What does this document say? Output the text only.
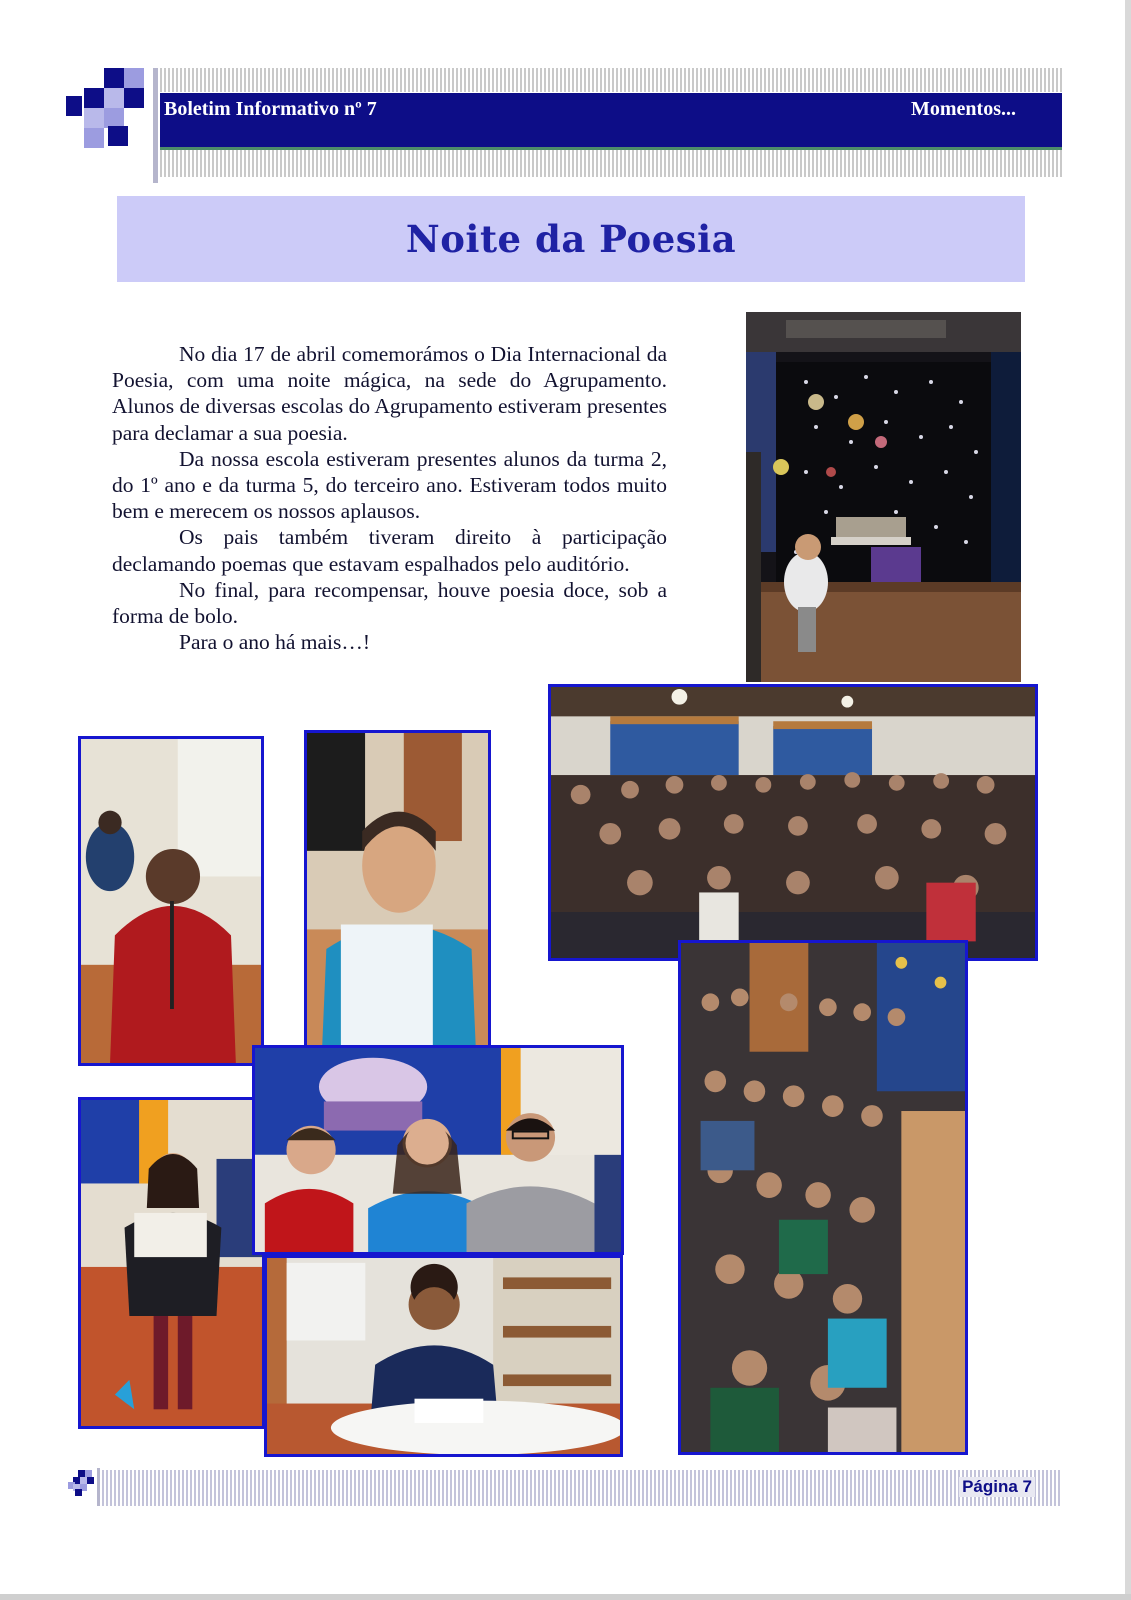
Boletim Informativo nº 7	Momentos...
Noite da Poesia

No dia 17 de abril comemorámos o Dia Internacional da Poesia, com uma noite mágica, na sede do Agrupamento. Alunos de diversas escolas do Agrupamento estiveram presentes para declamar a sua poesia.

Da nossa escola estiveram presentes alunos da turma 2, do 1º ano e da turma 5, do terceiro ano. Estiveram todos muito bem e merecem os nossos aplausos.

Os pais também tiveram direito à participação declamando poemas que estavam espalhados pelo auditório.

No final, para recompensar, houve poesia doce, sob a forma de bolo.

Para o ano há mais…!

Página 7
